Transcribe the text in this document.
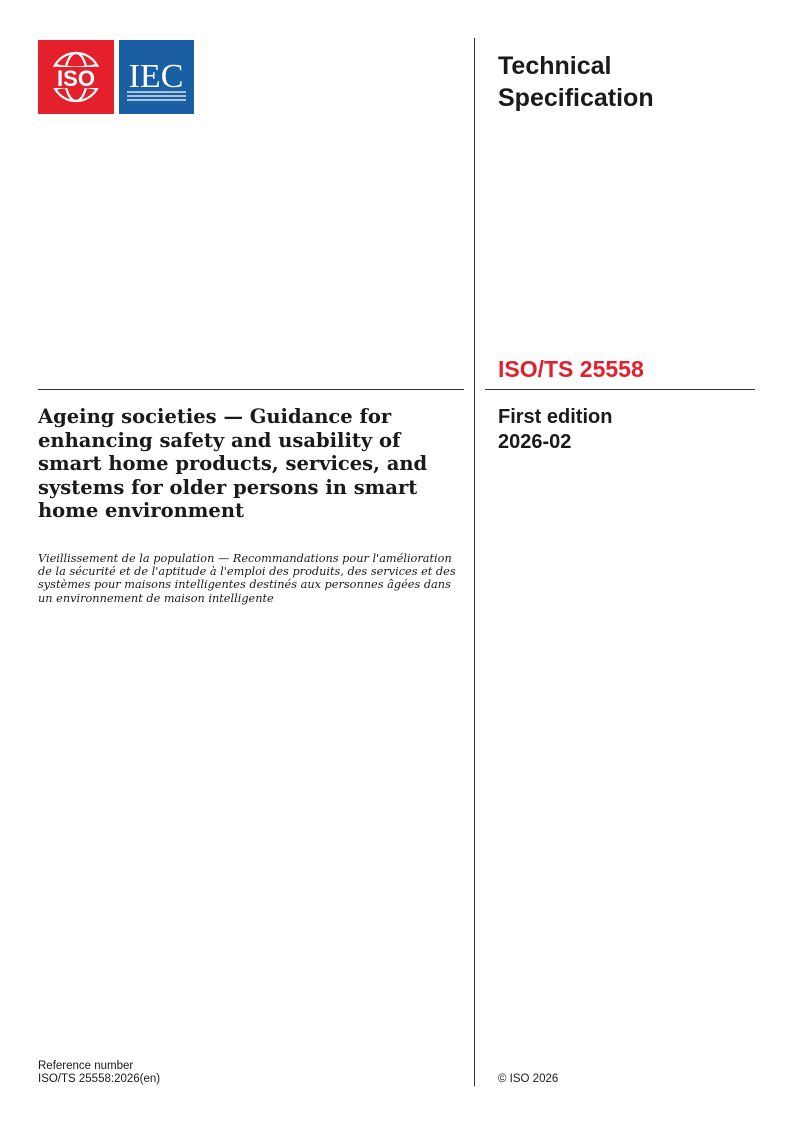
ISO IEC	Technical
Specification
ISO/TS 25558
First edition
2026-02
Ageing societies — Guidance for enhancing safety and usability of smart home products, services, and systems for older persons in smart home environment
Vieillissement de la population — Recommandations pour l'amélioration de la sécurité et de l'aptitude à l'emploi des produits, des services et des systèmes pour maisons intelligentes destinés aux personnes âgées dans un environnement de maison intelligente
Reference number
ISO/TS 25558:2026(en)	© ISO 2026
